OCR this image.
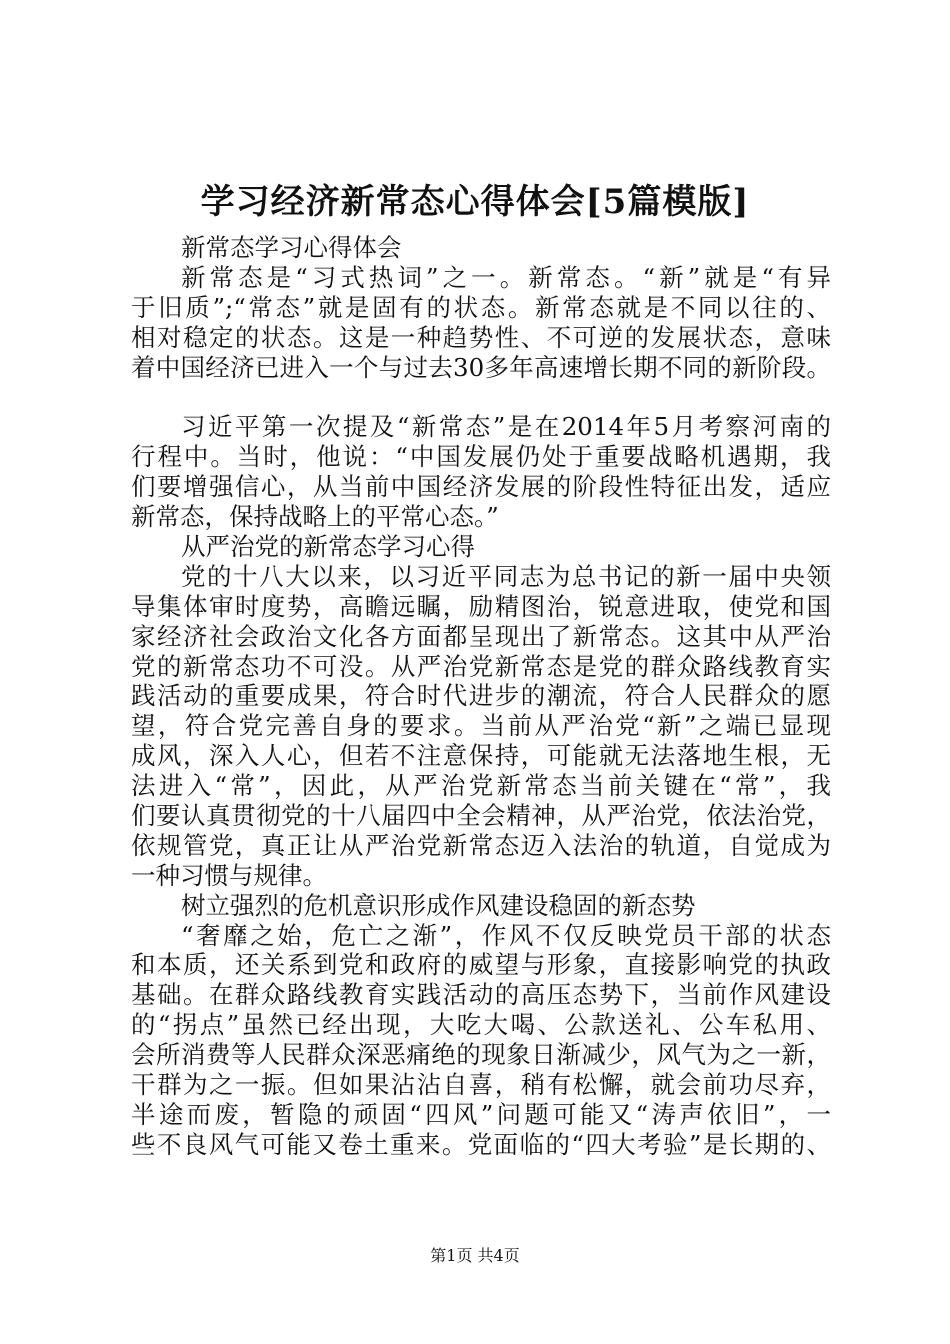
学习经济新常态心得体会[5篇模版]
新常态学习心得体会
新常态是“习式热词”之一。新常态。“新”就是“有异
于旧质”;“常态”就是固有的状态。新常态就是不同以往的、
相对稳定的状态。这是一种趋势性、不可逆的发展状态，意味
着中国经济已进入一个与过去30多年高速增长期不同的新阶段。
习近平第一次提及“新常态”是在2014年5月考察河南的
行程中。当时，他说：“中国发展仍处于重要战略机遇期，我
们要增强信心，从当前中国经济发展的阶段性特征出发，适应
新常态，保持战略上的平常心态。”
从严治党的新常态学习心得
党的十八大以来，以习近平同志为总书记的新一届中央领
导集体审时度势，高瞻远瞩，励精图治，锐意进取，使党和国
家经济社会政治文化各方面都呈现出了新常态。这其中从严治
党的新常态功不可没。从严治党新常态是党的群众路线教育实
践活动的重要成果，符合时代进步的潮流，符合人民群众的愿
望，符合党完善自身的要求。当前从严治党“新”之端已显现
成风，深入人心，但若不注意保持，可能就无法落地生根，无
法进入“常”，因此，从严治党新常态当前关键在“常”，我
们要认真贯彻党的十八届四中全会精神，从严治党，依法治党，
依规管党，真正让从严治党新常态迈入法治的轨道，自觉成为
一种习惯与规律。
树立强烈的危机意识形成作风建设稳固的新态势
“奢靡之始，危亡之渐”，作风不仅反映党员干部的状态
和本质，还关系到党和政府的威望与形象，直接影响党的执政
基础。在群众路线教育实践活动的高压态势下，当前作风建设
的“拐点”虽然已经出现，大吃大喝、公款送礼、公车私用、
会所消费等人民群众深恶痛绝的现象日渐减少，风气为之一新，
干群为之一振。但如果沾沾自喜，稍有松懈，就会前功尽弃，
半途而废，暂隐的顽固“四风”问题可能又“涛声依旧”，一
些不良风气可能又卷土重来。党面临的“四大考验”是长期的、
第1页 共4页
